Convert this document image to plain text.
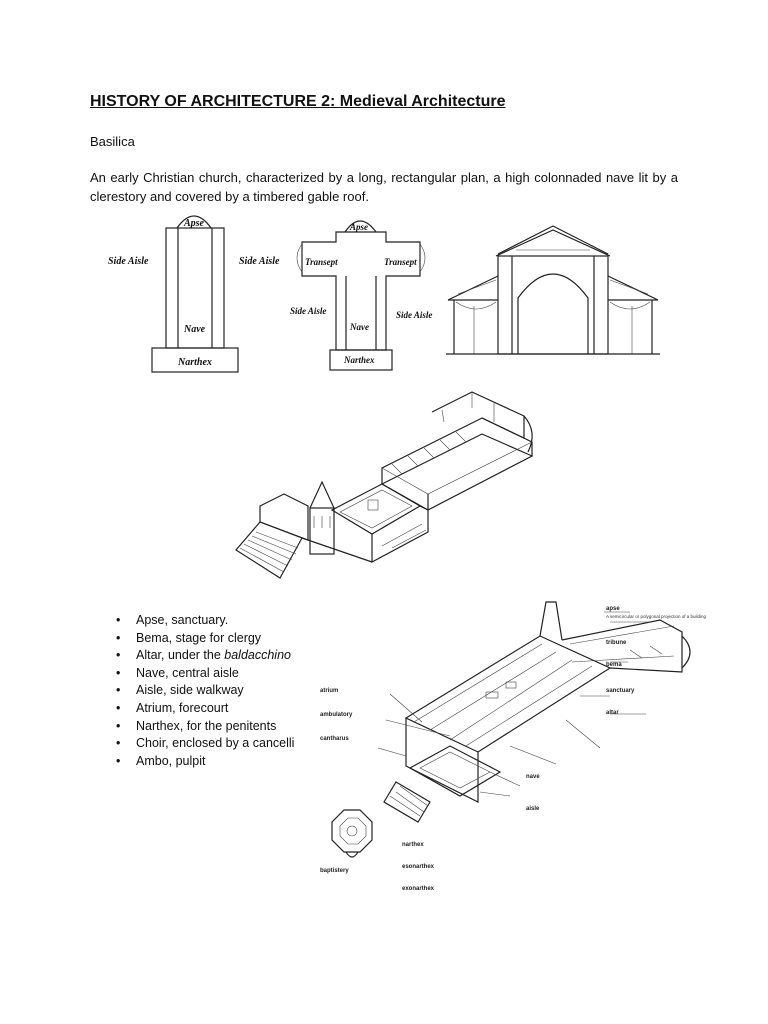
HISTORY OF ARCHITECTURE 2: Medieval Architecture
Basilica
An early Christian church, characterized by a long, rectangular plan, a high colonnaded nave lit by a clerestory and covered by a timbered gable roof.
Apse
Side Aisle	Side Aisle
Nave
Narthex
Apse
Transept	Transept
Side Aisle	Side Aisle
Nave
Narthex
• Apse, sanctuary.
• Bema, stage for clergy
• Altar, under the baldacchino
• Nave, central aisle
• Aisle, side walkway
• Atrium, forecourt
• Narthex, for the penitents
• Choir, enclosed by a cancelli
• Ambo, pulpit
apse
A semicircular or polygonal projection of a building
tribune
bema
sanctuary
altar
nave
aisle
narthex
esonarthex
exonarthex
atrium
ambulatory
cantharus
baptistery
